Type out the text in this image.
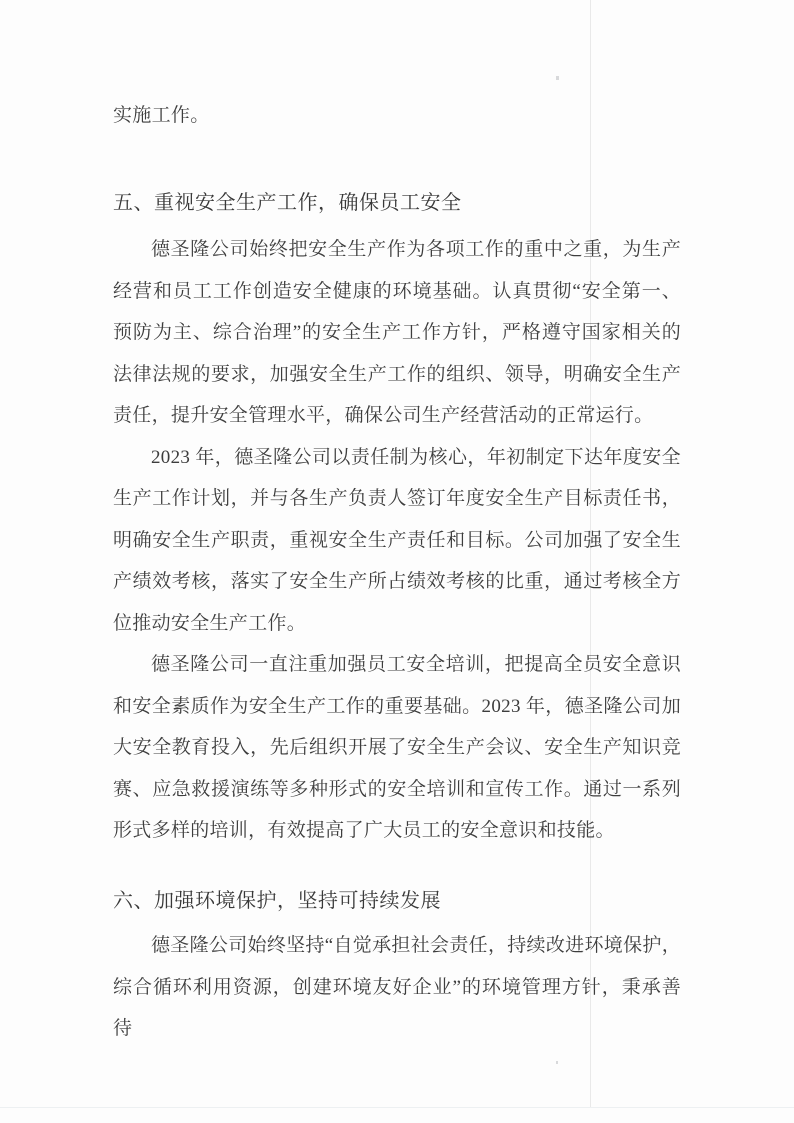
实施工作。

五、重视安全生产工作，确保员工安全

德圣隆公司始终把安全生产作为各项工作的重中之重，为生产经营和员工工作创造安全健康的环境基础。认真贯彻“安全第一、预防为主、综合治理”的安全生产工作方针，严格遵守国家相关的法律法规的要求，加强安全生产工作的组织、领导，明确安全生产责任，提升安全管理水平，确保公司生产经营活动的正常运行。

2023 年，德圣隆公司以责任制为核心，年初制定下达年度安全生产工作计划，并与各生产负责人签订年度安全生产目标责任书，明确安全生产职责，重视安全生产责任和目标。公司加强了安全生产绩效考核，落实了安全生产所占绩效考核的比重，通过考核全方位推动安全生产工作。

德圣隆公司一直注重加强员工安全培训，把提高全员安全意识和安全素质作为安全生产工作的重要基础。2023 年，德圣隆公司加大安全教育投入，先后组织开展了安全生产会议、安全生产知识竞赛、应急救援演练等多种形式的安全培训和宣传工作。通过一系列形式多样的培训，有效提高了广大员工的安全意识和技能。

六、加强环境保护，坚持可持续发展

德圣隆公司始终坚持“自觉承担社会责任，持续改进环境保护，综合循环利用资源，创建环境友好企业”的环境管理方针，秉承善待
